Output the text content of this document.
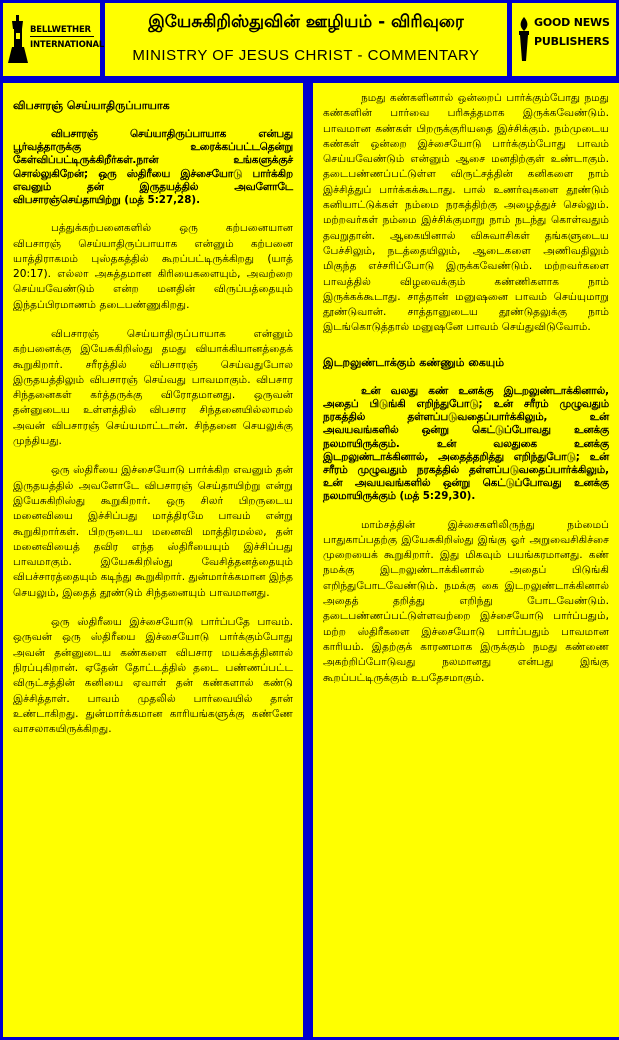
BELLWETHER
INTERNATIONAL
இயேசுகிறிஸ்துவின் ஊழியம் - விரிவுரை
MINISTRY OF JESUS CHRIST - COMMENTARY
GOOD NEWS
PUBLISHERS
விபசாரஞ் செய்யாதிருப்பாயாக

விபசாரஞ் செய்யாதிருப்பாயாக என்பது பூர்வத்தாருக்கு உரைக்கப்பட்டதென்று கேள்விப்பட்டிருக்கிறீர்கள்.நான் உங்களுக்குச் சொல்லுகிறேன்; ஒரு ஸ்திரீயை இச்சையோடு பார்க்கிற எவனும் தன் இருதயத்தில் அவளோடே விபசாரஞ்செய்தாயிற்று (மத் 5:27,28).

பத்துக்கற்பனைகளில் ஒரு கற்பனையான விபசாரஞ் செய்யாதிருப்பாயாக என்னும் கற்பனை யாத்திராகமம் புஸ்தகத்தில் கூறப்பட்டிருக்கிறது (யாத் 20:17). எல்லா அசுத்தமான கிரியைகளையும், அவற்றை செய்யவேண்டும் என்ற மனதின் விருப்பத்தையும் இந்தப்பிரமாணம் தடைபண்ணுகிறது.

விபசாரஞ் செய்யாதிருப்பாயாக என்னும் கற்பனைக்கு இயேசுகிறிஸ்து தமது வியாக்கியானத்தைக் கூறுகிறார். சரீரத்தில் விபசாரஞ் செய்வதுபோல இருதயத்திலும் விபசாரஞ் செய்வது பாவமாகும். விபசார சிந்தனைகள் கர்த்தருக்கு விரோதமானது. ஒருவன் தன்னுடைய உள்ளத்தில் விபசார சிந்தனையில்லாமல் அவன் விபசாரஞ் செய்யமாட்டான். சிந்தனை செயலுக்கு முந்தியது.

ஒரு ஸ்திரீயை இச்சையோடு பார்க்கிற எவனும் தன் இருதயத்தில் அவளோடே விபசாரஞ் செய்தாயிற்று என்று இயேசுகிறிஸ்து கூறுகிறார். ஒரு சிலர் பிறருடைய மனைவியை இச்சிப்பது மாத்திரமே பாவம் என்று கூறுகிறார்கள். பிறருடைய மனைவி மாத்திரமல்ல, தன் மனைவியைத் தவிர எந்த ஸ்திரீயையும் இச்சிப்பது பாவமாகும். இயேசுகிறிஸ்து வேசித்தனத்தையும் விபச்சாரத்தையும் கடிந்து கூறுகிறார். துன்மார்க்கமான இந்த செயலும், இதைத் தூண்டும் சிந்தனையும் பாவமானது.

ஒரு ஸ்திரீயை இச்சையோடு பார்ப்பதே பாவம். ஒருவன் ஒரு ஸ்திரீயை இச்சையோடு பார்க்கும்போது அவன் தன்னுடைய கண்களை விபசார மயக்கத்தினால் நிரப்புகிறான். ஏதேன் தோட்டத்தில் தடை பண்ணப்பட்ட விருட்சத்தின் கனியை ஏவாள் தன் கண்களால் கண்டு இச்சித்தாள். பாவம் முதலில் பார்வையில் தான் உண்டாகிறது. துன்மார்க்கமான காரியங்களுக்கு கண்ணே வாசலாகயிருக்கிறது.

நமது கண்களினால் ஒன்றைப் பார்க்கும்போது நமது கண்களின் பார்வை பரிசுத்தமாக இருக்கவேண்டும். பாவமான கண்கள் பிறருக்குரியதை இச்சிக்கும். நம்முடைய கண்கள் ஒன்றை இச்சையோடு பார்க்கும்போது பாவம் செய்யவேண்டும் என்னும் ஆசை மனதிற்குள் உண்டாகும். தடைபண்ணப்பட்டுள்ள விருட்சத்தின் கனிகளை நாம் இச்சித்துப் பார்க்கக்கூடாது. பால் உணர்வுகளை தூண்டும் கனியாட்டுக்கள் நம்மை நரகத்திற்கு அழைத்துச் செல்லும். மற்றவர்கள் நம்மை இச்சிக்குமாறு நாம் நடந்து கொள்வதும் தவறுதான். ஆகையினால் விசுவாசிகள் தங்களுடைய பேச்சிலும், நடத்தையிலும், ஆடைகளை அணிவதிலும் மிகுந்த எச்சரிப்போடு இருக்கவேண்டும். மற்றவர்களை பாவத்தில் விழவைக்கும் கண்ணிகளாக நாம் இருக்கக்கூடாது. சாத்தான் மனுஷனை பாவம் செய்யுமாறு தூண்டுவான். சாத்தானுடைய தூண்டுதலுக்கு நாம் இடங்கொடுத்தால் மனுஷனே பாவம் செய்துவிடுவோம்.

இடறலுண்டாக்கும் கண்ணும் கையும்

உன் வலது கண் உனக்கு இடறலுண்டாக்கினால், அதைப் பிடுங்கி எறிந்துபோடு; உன் சரீரம் முழுவதும் நரகத்தில் தள்ளப்படுவதைப்பார்க்கிலும், உன் அவயவங்களில் ஒன்று கெட்டுப்போவது உனக்கு நலமாயிருக்கும். உன் வலதுகை உனக்கு இடறலுண்டாக்கினால், அதைத்தறித்து எறிந்துபோடு; உன் சரீரம் முழுவதும் நரகத்தில் தள்ளப்படுவதைப்பார்க்கிலும், உன் அவயவங்களில் ஒன்று கெட்டுப்போவது உனக்கு நலமாயிருக்கும் (மத் 5:29,30).

மாம்சத்தின் இச்சைகளிலிருந்து நம்மைப் பாதுகாப்பதற்கு இயேசுகிறிஸ்து இங்கு ஓர் அறுவைசிகிச்சை முறையைக் கூறுகிறார். இது மிகவும் பயங்கரமானது. கண் நமக்கு இடறலுண்டாக்கினால் அதைப் பிடுங்கி எறிந்துபோடவேண்டும். நமக்கு கை இடறலுண்டாக்கினால் அதைத் தறித்து எறிந்து போடவேண்டும். தடைபண்ணப்பட்டுள்ளவற்றை இச்சையோடு பார்ப்பதும், மற்ற ஸ்திரீகளை இச்சையோடு பார்ப்பதும் பாவமான காரியம். இதற்குக் காரணமாக இருக்கும் நமது கண்ணை அகற்றிப்போடுவது நலமானது என்பது இங்கு கூறப்பட்டிருக்கும் உபதேசமாகும்.
